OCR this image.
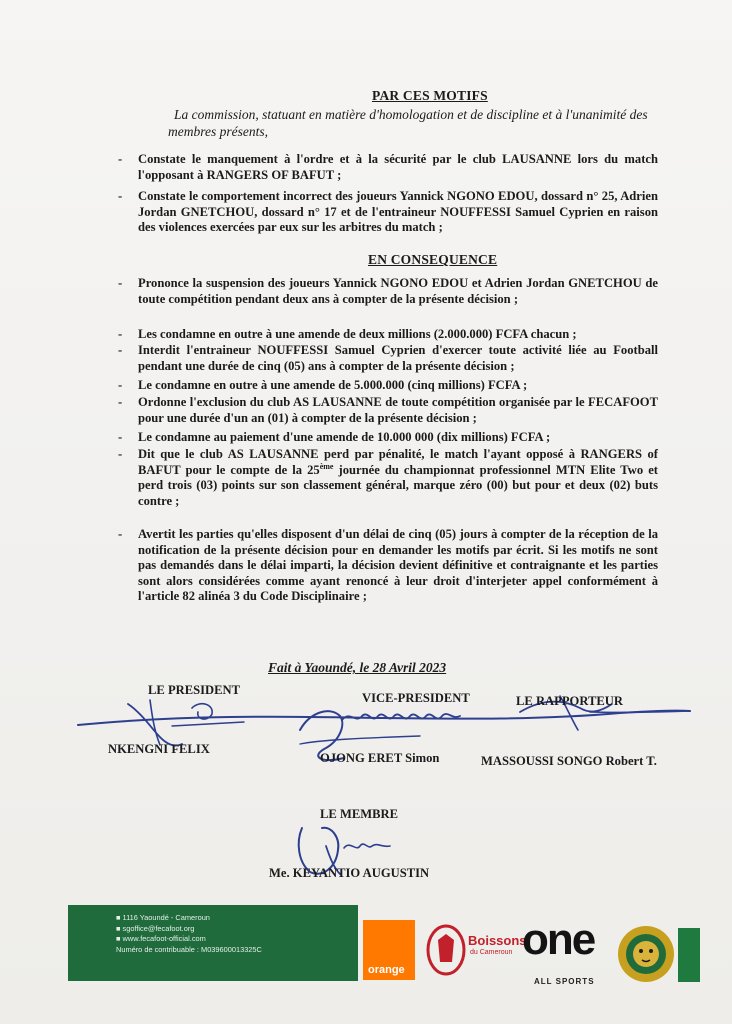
PAR CES MOTIFS
La commission, statuant en matière d'homologation et de discipline et à l'unanimité des membres présents,
- Constate le manquement à l'ordre et à la sécurité par le club LAUSANNE lors du match l'opposant à RANGERS OF BAFUT ;
- Constate le comportement incorrect des joueurs Yannick NGONO EDOU, dossard n° 25, Adrien Jordan GNETCHOU, dossard n° 17 et de l'entraineur NOUFFESSI Samuel Cyprien en raison des violences exercées par eux sur les arbitres du match ;
EN CONSEQUENCE
- Prononce la suspension des joueurs Yannick NGONO EDOU et Adrien Jordan GNETCHOU de toute compétition pendant deux ans à compter de la présente décision ;
- Les condamne en outre à une amende de deux millions (2.000.000) FCFA chacun ;
- Interdit l'entraineur NOUFFESSI Samuel Cyprien d'exercer toute activité liée au Football pendant une durée de cinq (05) ans à compter de la présente décision ;
- Le condamne en outre à une amende de 5.000.000 (cinq millions) FCFA ;
- Ordonne l'exclusion du club AS LAUSANNE de toute compétition organisée par le FECAFOOT pour une durée d'un an (01) à compter de la présente décision ;
- Le condamne au paiement d'une amende de 10.000 000 (dix millions) FCFA ;
- Dit que le club AS LAUSANNE perd par pénalité, le match l'ayant opposé à RANGERS of BAFUT pour le compte de la 25ème journée du championnat professionnel MTN Elite Two et perd trois (03) points sur son classement général, marque zéro (00) but pour et deux (02) buts contre ;
- Avertit les parties qu'elles disposent d'un délai de cinq (05) jours à compter de la réception de la notification de la présente décision pour en demander les motifs par écrit. Si les motifs ne sont pas demandés dans le délai imparti, la décision devient définitive et contraignante et les parties sont alors considérées comme ayant renoncé à leur droit d'interjeter appel conformément à l'article 82 alinéa 3 du Code Disciplinaire ;
Fait à Yaoundé, le 28 Avril 2023
LE PRESIDENT
NKENGNI FELIX
VICE-PRESIDENT
OJONG ERET Simon
LE RAPPORTEUR
MASSOUSSI SONGO Robert T.
LE MEMBRE
Me. KEYANTIO AUGUSTIN
■ 1116 Yaoundé - Cameroun
■ sgoffice@fecafoot.org
■ www.fecafoot-official.com
Numéro de contribuable : M039600013325C
orange
Boissons
du Cameroun one
ALL SPORTS
